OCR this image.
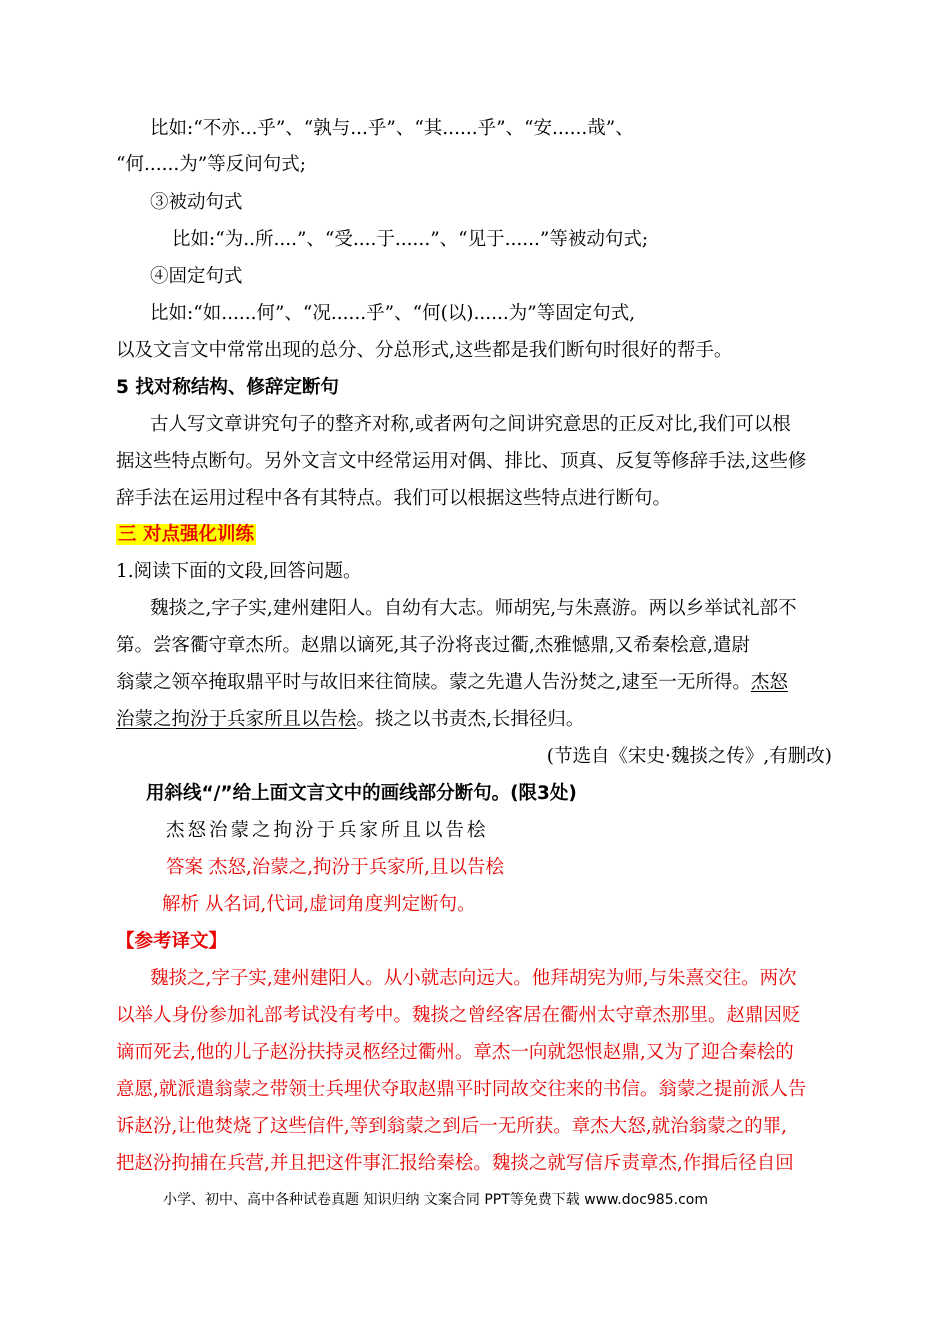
比如:“不亦...乎”、“孰与...乎”、“其......乎”、“安......哉”、
“何......为”等反问句式;
③被动句式
比如:“为..所....”、“受....于......”、“见于......”等被动句式;
④固定句式
比如:“如......何”、“况......乎”、“何(以)......为”等固定句式,
以及文言文中常常出现的总分、分总形式,这些都是我们断句时很好的帮手。
5 找对称结构、修辞定断句
古人写文章讲究句子的整齐对称,或者两句之间讲究意思的正反对比,我们可以根
据这些特点断句。另外文言文中经常运用对偶、排比、顶真、反复等修辞手法,这些修
辞手法在运用过程中各有其特点。我们可以根据这些特点进行断句。
三 对点强化训练
1.阅读下面的文段,回答问题。
魏掞之,字子实,建州建阳人。自幼有大志。师胡宪,与朱熹游。两以乡举试礼部不
第。尝客衢守章杰所。赵鼎以谪死,其子汾将丧过衢,杰雅憾鼎,又希秦桧意,遣尉
翁蒙之领卒掩取鼎平时与故旧来往简牍。蒙之先遣人告汾焚之,逮至一无所得。杰怒
治蒙之拘汾于兵家所且以告桧。掞之以书责杰,长揖径归。
(节选自《宋史·魏掞之传》,有删改)
用斜线“/”给上面文言文中的画线部分断句。(限3处)
杰怒治蒙之拘汾于兵家所且以告桧
答案 杰怒,治蒙之,拘汾于兵家所,且以告桧
解析 从名词,代词,虚词角度判定断句。
【参考译文】
魏掞之,字子实,建州建阳人。从小就志向远大。他拜胡宪为师,与朱熹交往。两次
以举人身份参加礼部考试没有考中。魏掞之曾经客居在衢州太守章杰那里。赵鼎因贬
谪而死去,他的儿子赵汾扶持灵柩经过衢州。章杰一向就怨恨赵鼎,又为了迎合秦桧的
意愿,就派遣翁蒙之带领士兵埋伏夺取赵鼎平时同故交往来的书信。翁蒙之提前派人告
诉赵汾,让他焚烧了这些信件,等到翁蒙之到后一无所获。章杰大怒,就治翁蒙之的罪,
把赵汾拘捕在兵营,并且把这件事汇报给秦桧。魏掞之就写信斥责章杰,作揖后径自回
小学、初中、高中各种试卷真题 知识归纳 文案合同 PPT等免费下载 www.doc985.com
